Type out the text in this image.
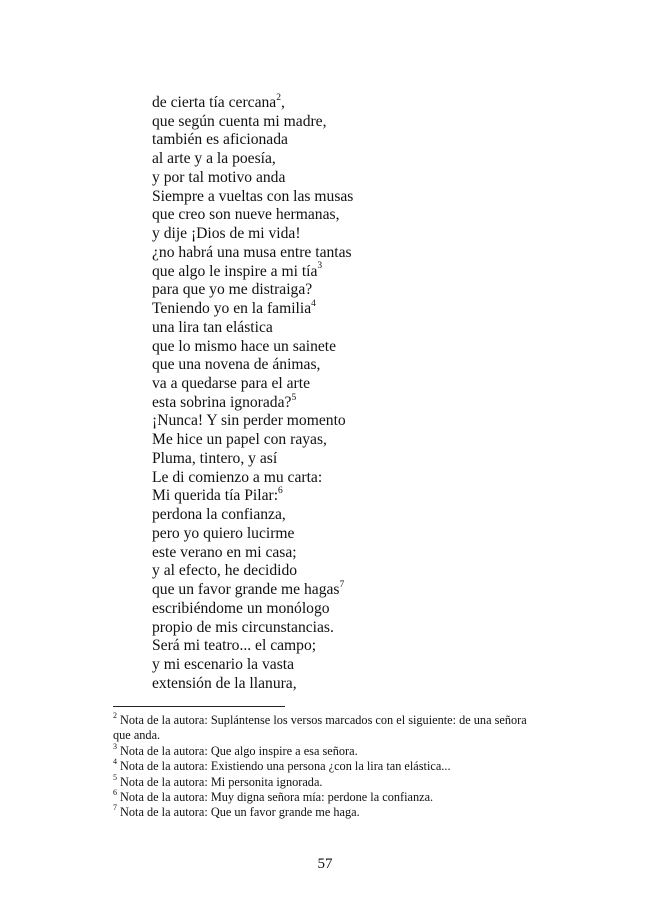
de cierta tía cercana$^2$,
que según cuenta mi madre,
también es aficionada
al arte y a la poesía,
y por tal motivo anda
Siempre a vueltas con las musas
que creo son nueve hermanas,
y dije ¡Dios de mi vida!
¿no habrá una musa entre tantas
que algo le inspire a mi tía$^3$
para que yo me distraiga?
Teniendo yo en la familia$^4$
una lira tan elástica
que lo mismo hace un sainete
que una novena de ánimas,
va a quedarse para el arte
esta sobrina ignorada?$^5$
¡Nunca! Y sin perder momento
Me hice un papel con rayas,
Pluma, tintero, y así
Le di comienzo a mu carta:
Mi querida tía Pilar:$^6$
perdona la confianza,
pero yo quiero lucirme
este verano en mi casa;
y al efecto, he decidido
que un favor grande me hagas$^7$
escribiéndome un monólogo
propio de mis circunstancias.
Será mi teatro... el campo;
y mi escenario la vasta
extensión de la llanura,
$^2$ Nota de la autora: Suplántense los versos marcados con el siguiente: de una señora que anda.
$^3$ Nota de la autora: Que algo inspire a esa señora.
$^4$ Nota de la autora: Existiendo una persona ¿con la lira tan elástica...
$^5$ Nota de la autora: Mi personita ignorada.
$^6$ Nota de la autora: Muy digna señora mía: perdone la confianza.
$^7$ Nota de la autora: Que un favor grande me haga.
57
